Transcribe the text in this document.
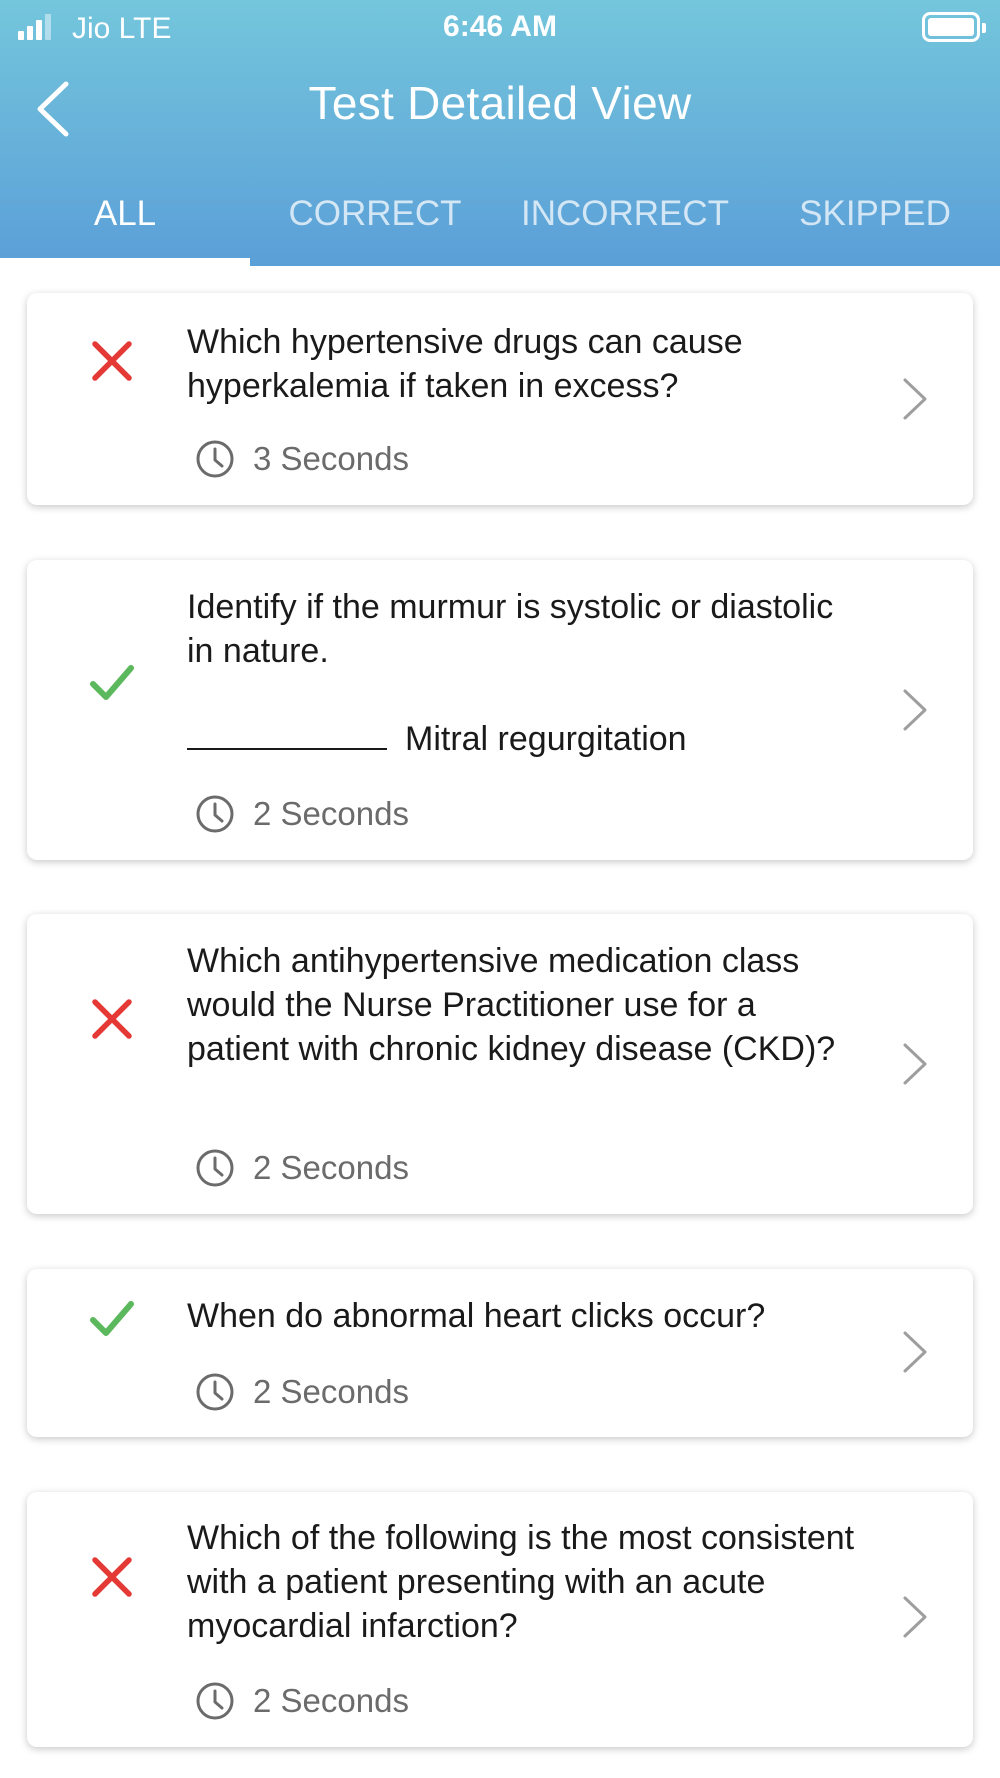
Jio LTE	6:46 AM
Test Detailed View
ALL	CORRECT	INCORRECT	SKIPPED
Which hypertensive drugs can cause hyperkalemia if taken in excess?
3 Seconds
Identify if the murmur is systolic or diastolic in nature.
Mitral regurgitation
2 Seconds
Which antihypertensive medication class would the Nurse Practitioner use for a patient with chronic kidney disease (CKD)?
2 Seconds
When do abnormal heart clicks occur?
2 Seconds
Which of the following is the most consistent with a patient presenting with an acute myocardial infarction?
2 Seconds
